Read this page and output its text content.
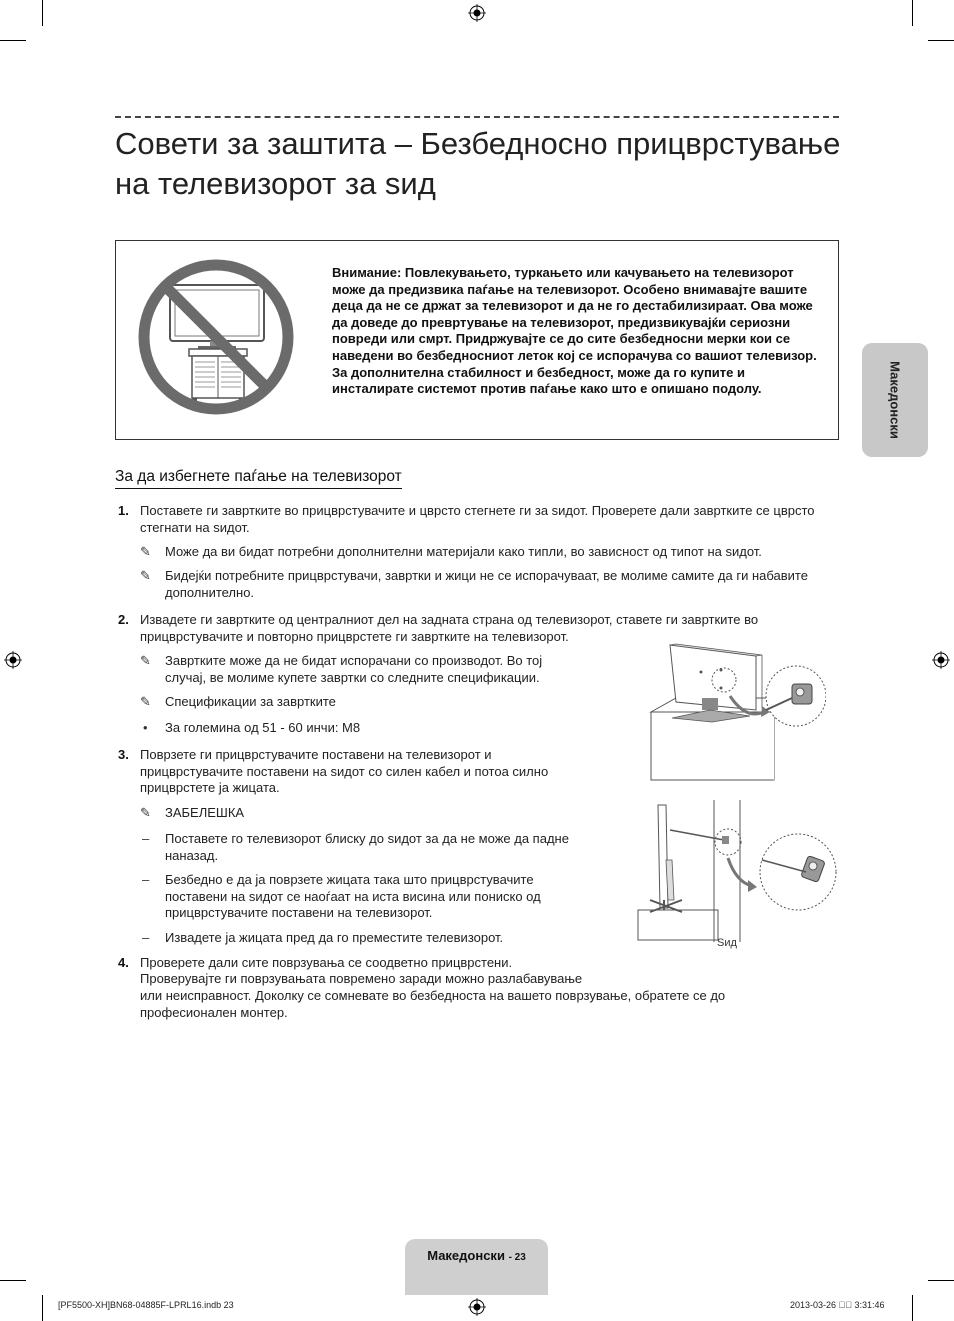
Совети за заштита – Безбедносно прицврстување на телевизорот за ѕид
Македонски

Внимание: Повлекувањето, туркањето или качувањето на телевизорот може да предизвика паѓање на телевизорот. Особено внимавајте вашите деца да не се држат за телевизорот и да не го дестабилизираат. Ова може да доведе до превртување на телевизорот, предизвикувајќи сериозни повреди или смрт. Придржувајте се до сите безбедносни мерки кои се наведени во безбедносниот леток кој се испорачува со вашиот телевизор. За дополнителна стабилност и безбедност, може да го купите и инсталирате системот против паѓање како што е опишано подолу.

За да избегнете паѓање на телевизорот
1. Поставете ги завртките во прицврстувачите и цврсто стегнете ги за ѕидот. Проверете дали завртките се цврсто стегнати на ѕидот.

✎ Може да ви бидат потребни дополнителни материјали како типли, во зависност од типот на ѕидот.

✎ Бидејќи потребните прицврстувачи, завртки и жици не се испорачуваат, ве молиме самите да ги набавите дополнително.

2. Извадете ги завртките од централниот дел на задната страна од телевизорот, ставете ги завртките во прицврстувачите и повторно прицврстете ги завртките на телевизорот.

✎ Завртките може да не бидат испорачани со производот. Во тој случај, ве молиме купете завртки со следните спецификации.

✎ Спецификации за завртките

• За големина од 51 - 60 инчи: M8

3. Поврзете ги прицврстувачите поставени на телевизорот и прицврстувачите поставени на ѕидот со силен кабел и потоа силно прицврстете ја жицата.

✎ ЗАБЕЛЕШКА

– Поставете го телевизорот блиску до ѕидот за да не може да падне наназад.

– Безбедно е да ја поврзете жицата така што прицврстувачите поставени на ѕидот се наоѓаат на иста висина или пониско од прицврстувачите поставени на телевизорот.

– Извадете ја жицата пред да го преместите телевизорот.	Ѕид
4. Проверете дали сите поврзувања се соодветно прицврстени.

Проверувајте ги поврзувањата повремено заради можно разлабавување

или неисправност. Доколку се сомневате во безбедноста на вашето поврзување, обратете се до професионален монтер.

Македонски - 23
[PF5500-XH]BN68-04885F-LPRL16.indb 23	2013-03-26 ￿￿ 3:31:46
